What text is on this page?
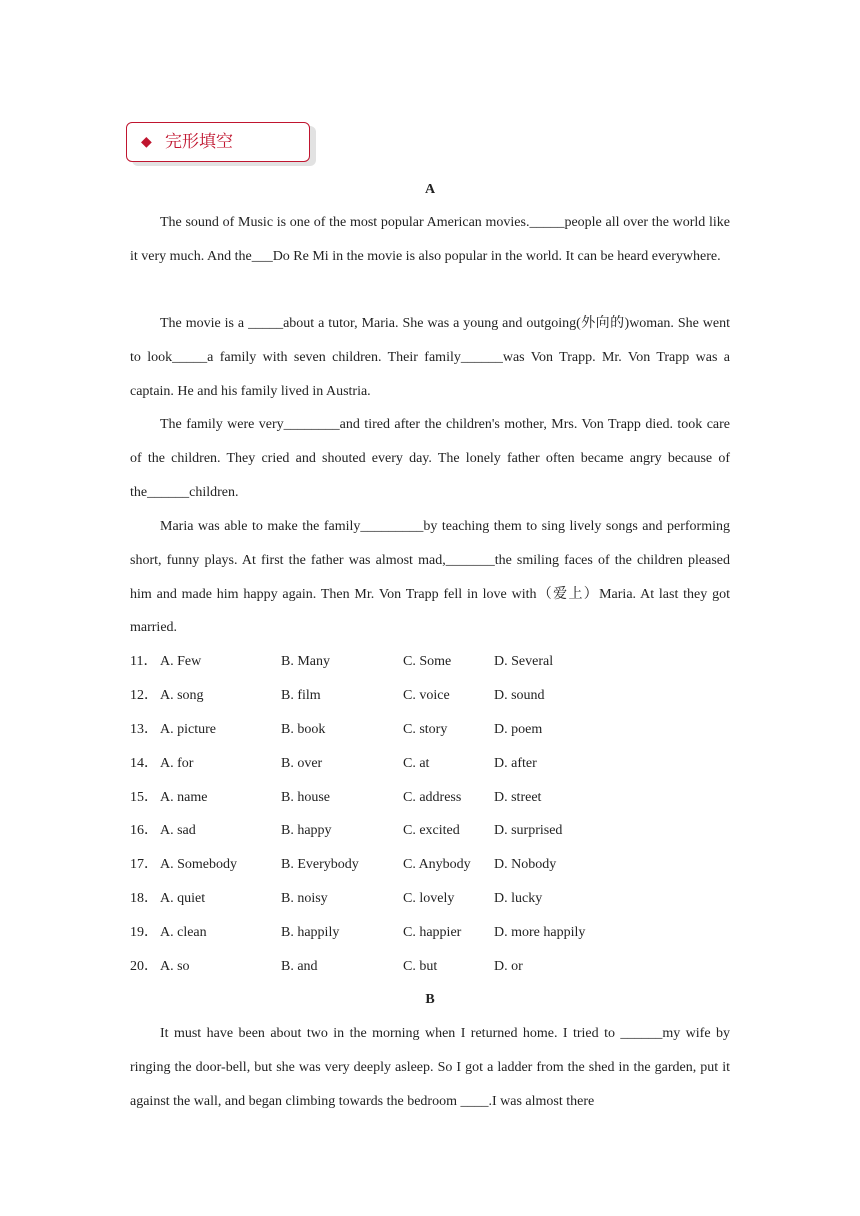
◆ 完形填空
A

The sound of Music is one of the most popular American movies._____people all over the world like it very much. And the___Do Re Mi in the movie is also popular in the world. It can be heard everywhere.

The movie is a _____about a tutor, Maria. She was a young and outgoing(外向的)woman. She went to look_____a family with seven children. Their family______was Von Trapp. Mr. Von Trapp was a captain. He and his family lived in Austria.

The family were very________and tired after the children's mother, Mrs. Von Trapp died. took care of the children. They cried and shouted every day. The lonely father often became angry because of the______children.

Maria was able to make the family_________by teaching them to sing lively songs and performing short, funny plays. At first the father was almost mad,_______the smiling faces of the children pleased him and made him happy again. Then Mr. Von Trapp fell in love with（爱上）Maria. At last they got married.

11． A. Few	B. Many	C. Some	D. Several
12． A. song	B. film	C. voice	D. sound
13． A. picture	B. book	C. story	D. poem
14． A. for	B. over	C. at	D. after
15． A. name	B. house	C. address D. street
16． A. sad	B. happy	C. excited D. surprised
17． A. Somebody	B. Everybody	C. Anybody D. Nobody
18． A. quiet	B. noisy	C. lovely	D. lucky
19． A. clean	B. happily	C. happier D. more happily
20． A. so	B. and	C. but	D. or
B

It must have been about two in the morning when I returned home. I tried to ______my wife by ringing the door-bell, but she was very deeply asleep. So I got a ladder from the shed in the garden, put it against the wall, and began climbing towards the bedroom ____.I was almost there
